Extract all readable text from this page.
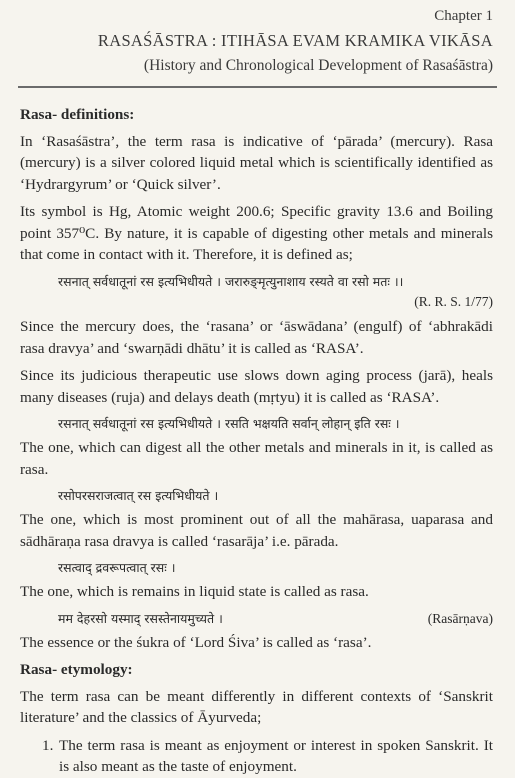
Chapter 1
RASAŚĀSTRA : ITIHĀSA EVAM KRAMIKA VIKĀSA
(History and Chronological Development of Rasaśāstra)
Rasa- definitions:
In ‘Rasaśāstra’, the term rasa is indicative of ‘pārada’ (mercury). Rasa (mercury) is a silver colored liquid metal which is scientifically identified as ‘Hydrargyrum’ or ‘Quick silver’.
Its symbol is Hg, Atomic weight 200.6; Specific gravity 13.6 and Boiling point 357⁰C. By nature, it is capable of digesting other metals and minerals that come in contact with it. Therefore, it is defined as;
रसनात् सर्वधातूनां रस इत्यभिधीयते । जरारुङ्मृत्युनाशाय रस्यते वा रसो मतः ।।
(R. R. S. 1/77)
Since the mercury does, the ‘rasana’ or ‘āswādana’ (engulf) of ‘abhrakādi rasa dravya’ and ‘swarṇādi dhātu’ it is called as ‘RASA’.
Since its judicious therapeutic use slows down aging process (jarā), heals many diseases (ruja) and delays death (mṛtyu) it is called as ‘RASA’.
रसनात् सर्वधातूनां रस इत्यभिधीयते । रसति भक्षयति सर्वान् लोहान् इति रसः ।
The one, which can digest all the other metals and minerals in it, is called as rasa.
रसोपरसराजत्वात् रस इत्यभिधीयते ।
The one, which is most prominent out of all the mahārasa, uaparasa and sādhāraṇa rasa dravya is called ‘rasarāja’ i.e. pārada.
रसत्वाद् द्रवरूपत्वात् रसः ।
The one, which is remains in liquid state is called as rasa.
मम देहरसो यस्माद् रसस्तेनायमुच्यते ।	(Rasārṇava)
The essence or the śukra of ‘Lord Śiva’ is called as ‘rasa’.
Rasa- etymology:
The term rasa can be meant differently in different contexts of ‘Sanskrit literature’ and the classics of Āyurveda;
1. The term rasa is meant as enjoyment or interest in spoken Sanskrit. It is also meant as the taste of enjoyment.
